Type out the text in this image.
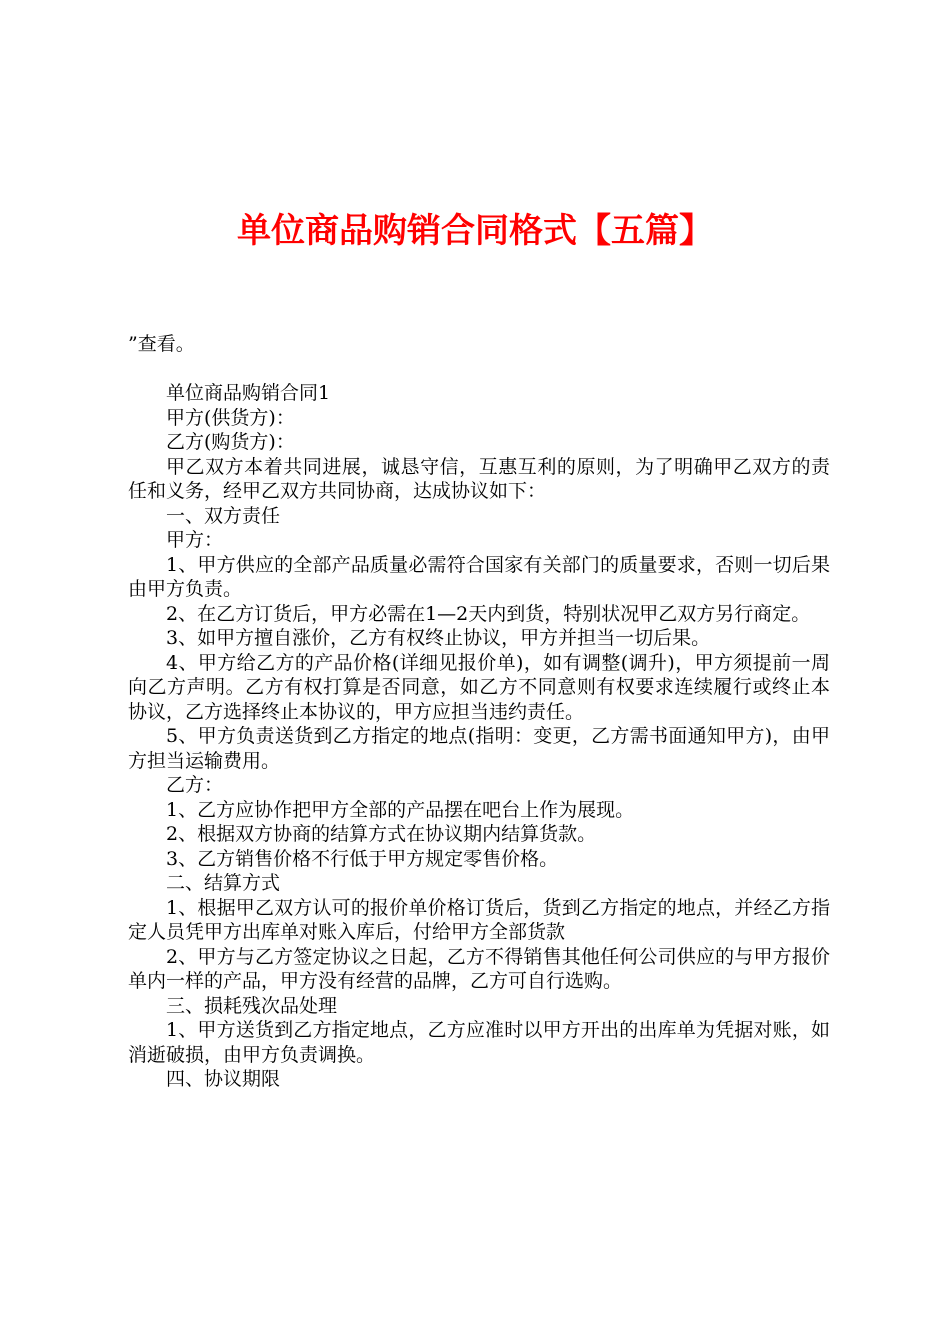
单位商品购销合同格式【五篇】

”查看。

单位商品购销合同1

甲方(供货方)：

乙方(购货方)：

甲乙双方本着共同进展，诚恳守信，互惠互利的原则，为了明确甲乙双方的责任和义务，经甲乙双方共同协商，达成协议如下：

一、双方责任

甲方：

1、甲方供应的全部产品质量必需符合国家有关部门的质量要求，否则一切后果由甲方负责。

2、在乙方订货后，甲方必需在1—2天内到货，特别状况甲乙双方另行商定。

3、如甲方擅自涨价，乙方有权终止协议，甲方并担当一切后果。

4、甲方给乙方的产品价格(详细见报价单)，如有调整(调升)，甲方须提前一周向乙方声明。乙方有权打算是否同意，如乙方不同意则有权要求连续履行或终止本协议，乙方选择终止本协议的，甲方应担当违约责任。

5、甲方负责送货到乙方指定的地点(指明：变更，乙方需书面通知甲方)，由甲方担当运输费用。

乙方：

1、乙方应协作把甲方全部的产品摆在吧台上作为展现。

2、根据双方协商的结算方式在协议期内结算货款。

3、乙方销售价格不行低于甲方规定零售价格。

二、结算方式

1、根据甲乙双方认可的报价单价格订货后，货到乙方指定的地点，并经乙方指定人员凭甲方出库单对账入库后，付给甲方全部货款

2、甲方与乙方签定协议之日起，乙方不得销售其他任何公司供应的与甲方报价单内一样的产品，甲方没有经营的品牌，乙方可自行选购。

三、损耗残次品处理

1、甲方送货到乙方指定地点，乙方应准时以甲方开出的出库单为凭据对账，如消逝破损，由甲方负责调换。

四、协议期限
